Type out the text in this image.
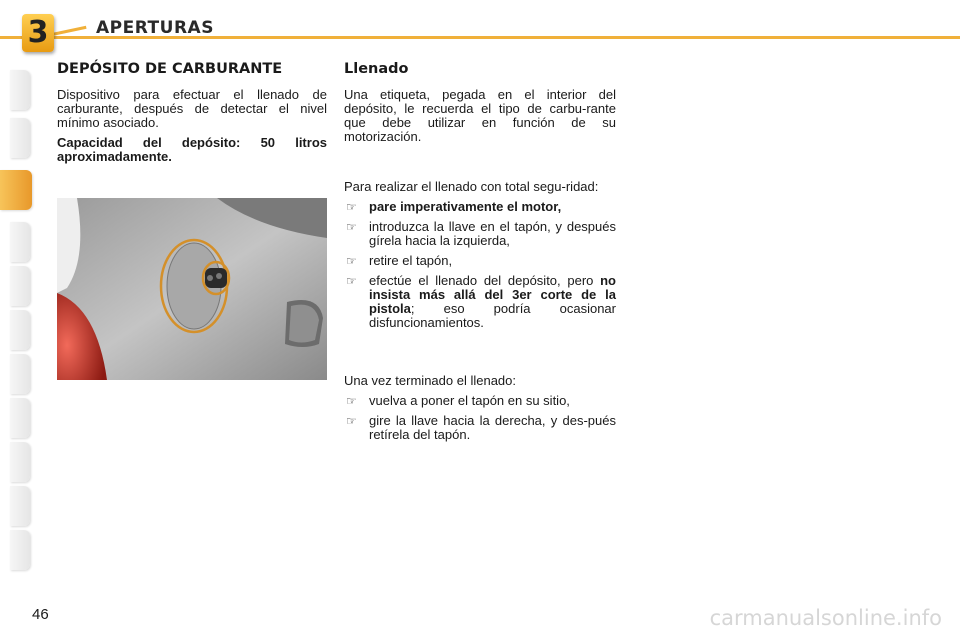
3	APERTURAS
DEPÓSITO DE CARBURANTE

Dispositivo para efectuar el llenado de carburante, después de detectar el nivel mínimo asociado.

Capacidad del depósito: 50 litros aproximadamente.

Llenado

Una etiqueta, pegada en el interior del depósito, le recuerda el tipo de carbu-rante que debe utilizar en función de su motorización.

Para realizar el llenado con total segu-ridad:

☞ pare imperativamente el motor,
☞ introduzca la llave en el tapón, y después gírela hacia la izquierda,
☞ retire el tapón,
☞ efectúe el llenado del depósito, pero no insista más allá del 3er corte de la pistola; eso podría ocasionar disfuncionamientos.

Una vez terminado el llenado:

☞ vuelva a poner el tapón en su sitio,
☞ gire la llave hacia la derecha, y des-pués retírela del tapón.
46	carmanualsonline.info
